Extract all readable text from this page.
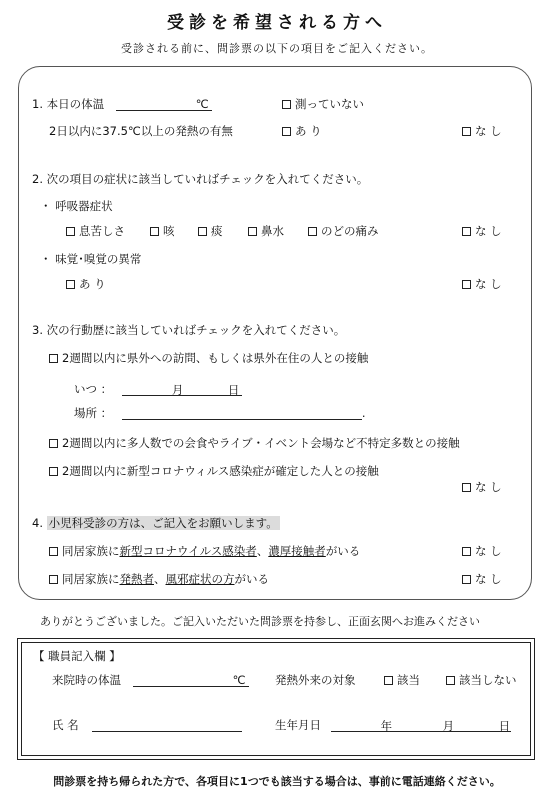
受診を希望される方へ
受診される前に、問診票の以下の項目をご記入ください。
1. 本日の体温	℃	測っていない
2日以内に37.5℃以上の発熱の有無	あ り	な し
2. 次の項目の症状に該当していればチェックを入れてください。
・ 呼吸器症状
息苦しさ	咳	痰	鼻水	のどの痛み	な し
・ 味覚･嗅覚の異常
あ り	な し
3. 次の行動歴に該当していればチェックを入れてください。
2週間以内に県外への訪問、もしくは県外在住の人との接触
いつ ：	月	日
場所 ：	.
2週間以内に多人数での会食やライブ・イベント会場など不特定多数との接触
2週間以内に新型コロナウィルス感染症が確定した人との接触
な し
4. 小児科受診の方は、ご記入をお願いします。
同居家族に新型コロナウイルス感染者、濃厚接触者がいる	な し
同居家族に発熱者、風邪症状の方がいる	な し
ありがとうございました。ご記入いただいた問診票を持参し、正面玄関へお進みください
【 職員記入欄 】
来院時の体温	℃	発熱外来の対象	該当	該当しない
氏 名	生年月日	年	月	日
問診票を持ち帰られた方で、各項目に1つでも該当する場合は、事前に電話連絡ください。
